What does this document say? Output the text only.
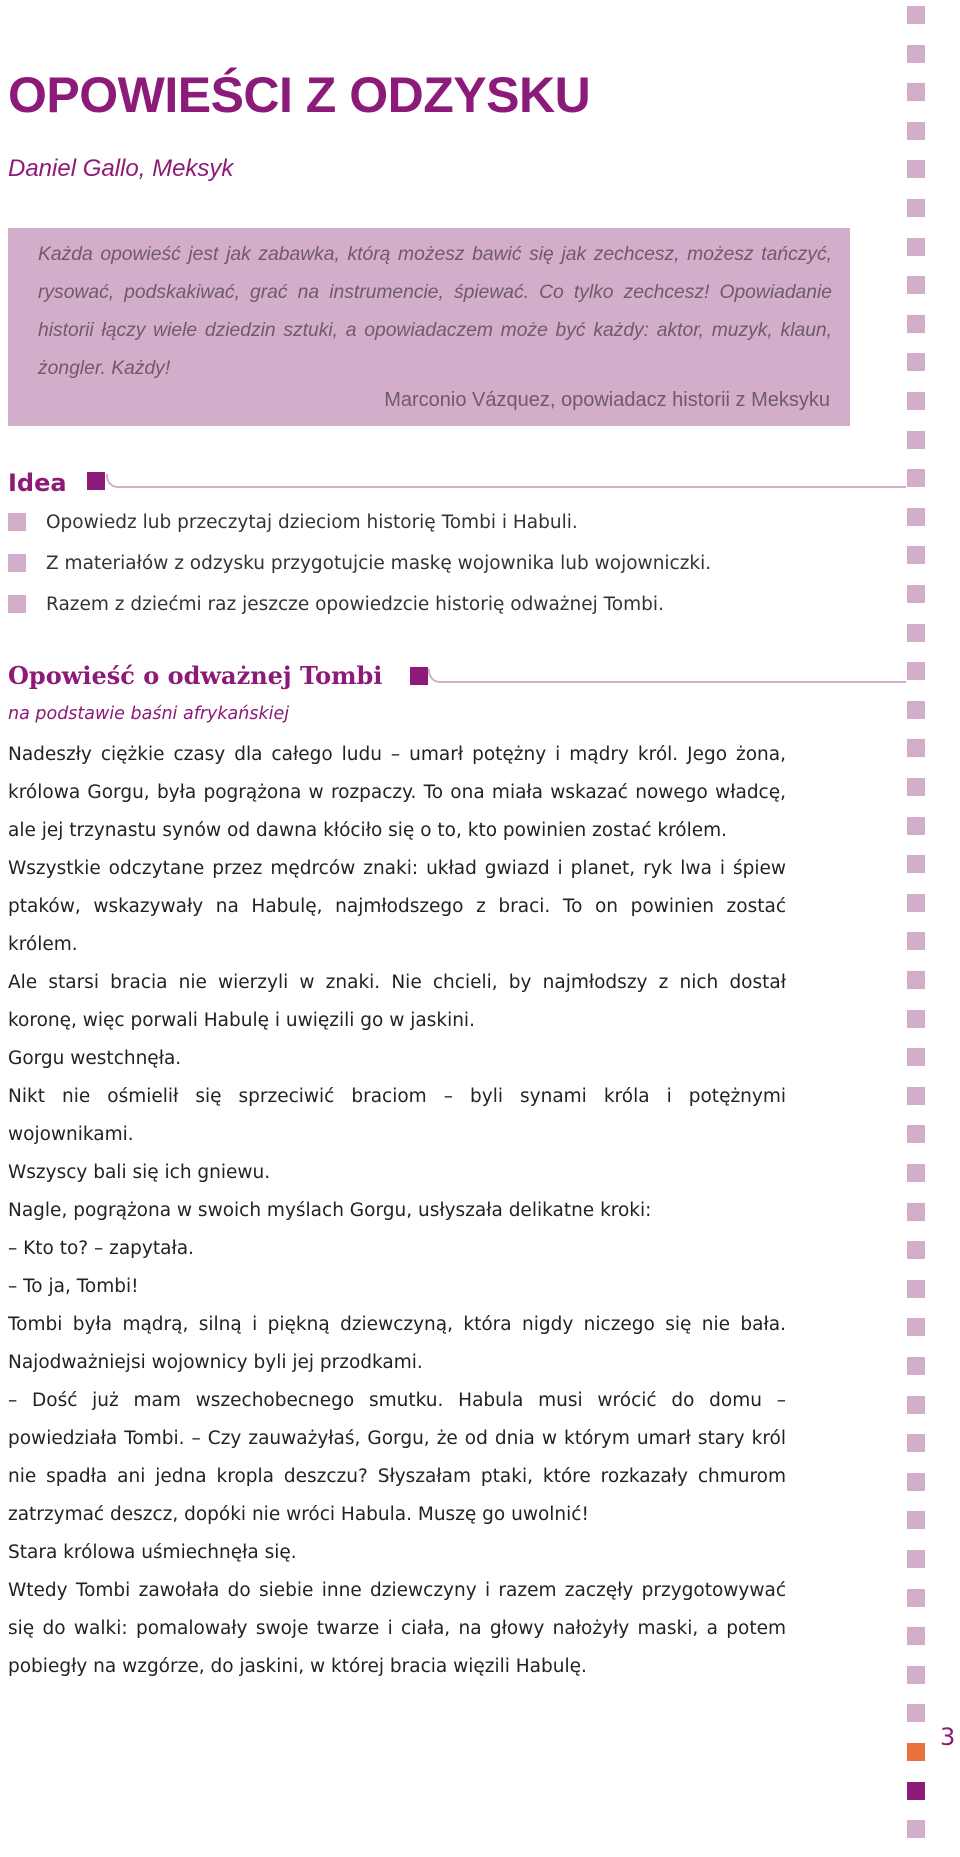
OPOWIEŚCI Z ODZYSKU

Daniel Gallo, Meksyk

Każda opowieść jest jak zabawka, którą możesz bawić się jak zechcesz, możesz tańczyć, rysować, podskakiwać, grać na instrumencie, śpiewać. Co tylko zechcesz! Opowiadanie historii łączy wiele dziedzin sztuki, a opowiadaczem może być każdy: aktor, muzyk, klaun, żongler. Każdy!

Marconio Vázquez, opowiadacz historii z Meksyku
Idea
Opowiedz lub przeczytaj dzieciom historię Tombi i Habuli.
Z materiałów z odzysku przygotujcie maskę wojownika lub wojowniczki.
Razem z dziećmi raz jeszcze opowiedzcie historię odważnej Tombi.
Opowieść o odważnej Tombi

na podstawie baśni afrykańskiej

Nadeszły ciężkie czasy dla całego ludu – umarł potężny i mądry król. Jego żona, królowa Gorgu, była pogrążona w rozpaczy. To ona miała wskazać nowego władcę, ale jej trzynastu synów od dawna kłóciło się o to, kto powinien zostać królem.

Wszystkie odczytane przez mędrców znaki: układ gwiazd i planet, ryk lwa i śpiew ptaków, wskazywały na Habulę, najmłodszego z braci. To on powinien zostać królem.

Ale starsi bracia nie wierzyli w znaki. Nie chcieli, by najmłodszy z nich dostał koronę, więc porwali Habulę i uwięzili go w jaskini.

Gorgu westchnęła.

Nikt nie ośmielił się sprzeciwić braciom – byli synami króla i potężnymi wojownikami.

Wszyscy bali się ich gniewu.

Nagle, pogrążona w swoich myślach Gorgu, usłyszała delikatne kroki:

– Kto to? – zapytała.

– To ja, Tombi!

Tombi była mądrą, silną i piękną dziewczyną, która nigdy niczego się nie bała. Najodważniejsi wojownicy byli jej przodkami.

– Dość już mam wszechobecnego smutku. Habula musi wrócić do domu – powiedziała Tombi. – Czy zauważyłaś, Gorgu, że od dnia w którym umarł stary król nie spadła ani jedna kropla deszczu? Słyszałam ptaki, które rozkazały chmurom zatrzymać deszcz, dopóki nie wróci Habula. Muszę go uwolnić!

Stara królowa uśmiechnęła się.

Wtedy Tombi zawołała do siebie inne dziewczyny i razem zaczęły przygotowywać się do walki: pomalowały swoje twarze i ciała, na głowy nałożyły maski, a potem pobiegły na wzgórze, do jaskini, w której bracia więzili Habulę.

3
